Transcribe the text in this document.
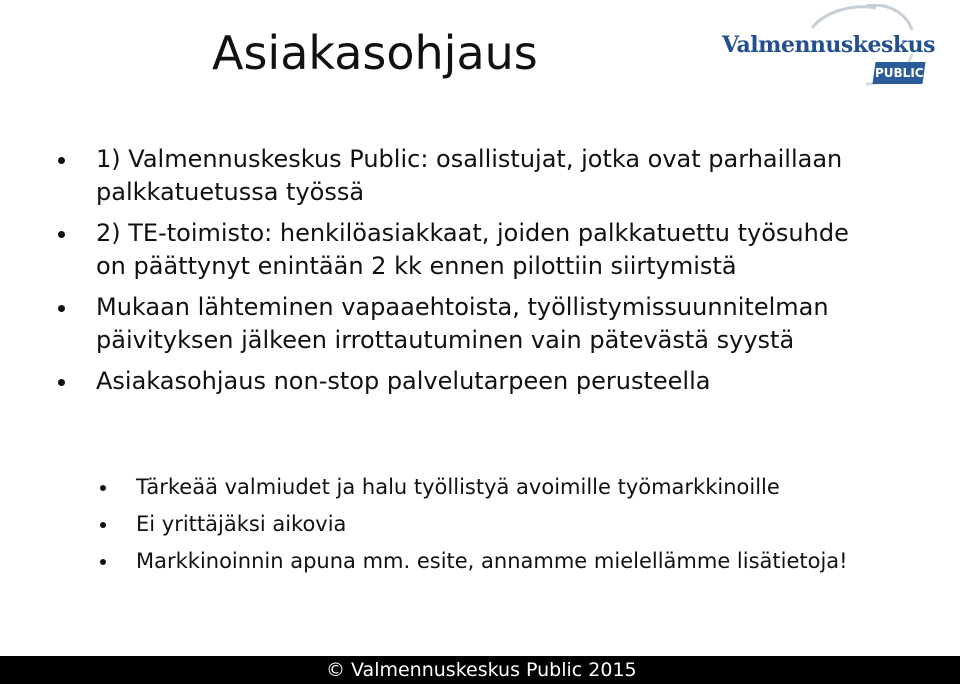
Asiakasohjaus	Valmennuskeskus
PUBLIC
1) Valmennuskeskus Public: osallistujat, jotka ovat parhaillaan palkkatuetussa työssä
2) TE-toimisto: henkilöasiakkaat, joiden palkkatuettu työsuhde on päättynyt enintään 2 kk ennen pilottiin siirtymistä
Mukaan lähteminen vapaaehtoista, työllistymissuunnitelman päivityksen jälkeen irrottautuminen vain pätevästä syystä
Asiakasohjaus non-stop palvelutarpeen perusteella
Tärkeää valmiudet ja halu työllistyä avoimille työmarkkinoille
Ei yrittäjäksi aikovia
Markkinoinnin apuna mm. esite, annamme mielellämme lisätietoja!
© Valmennuskeskus Public 2015
